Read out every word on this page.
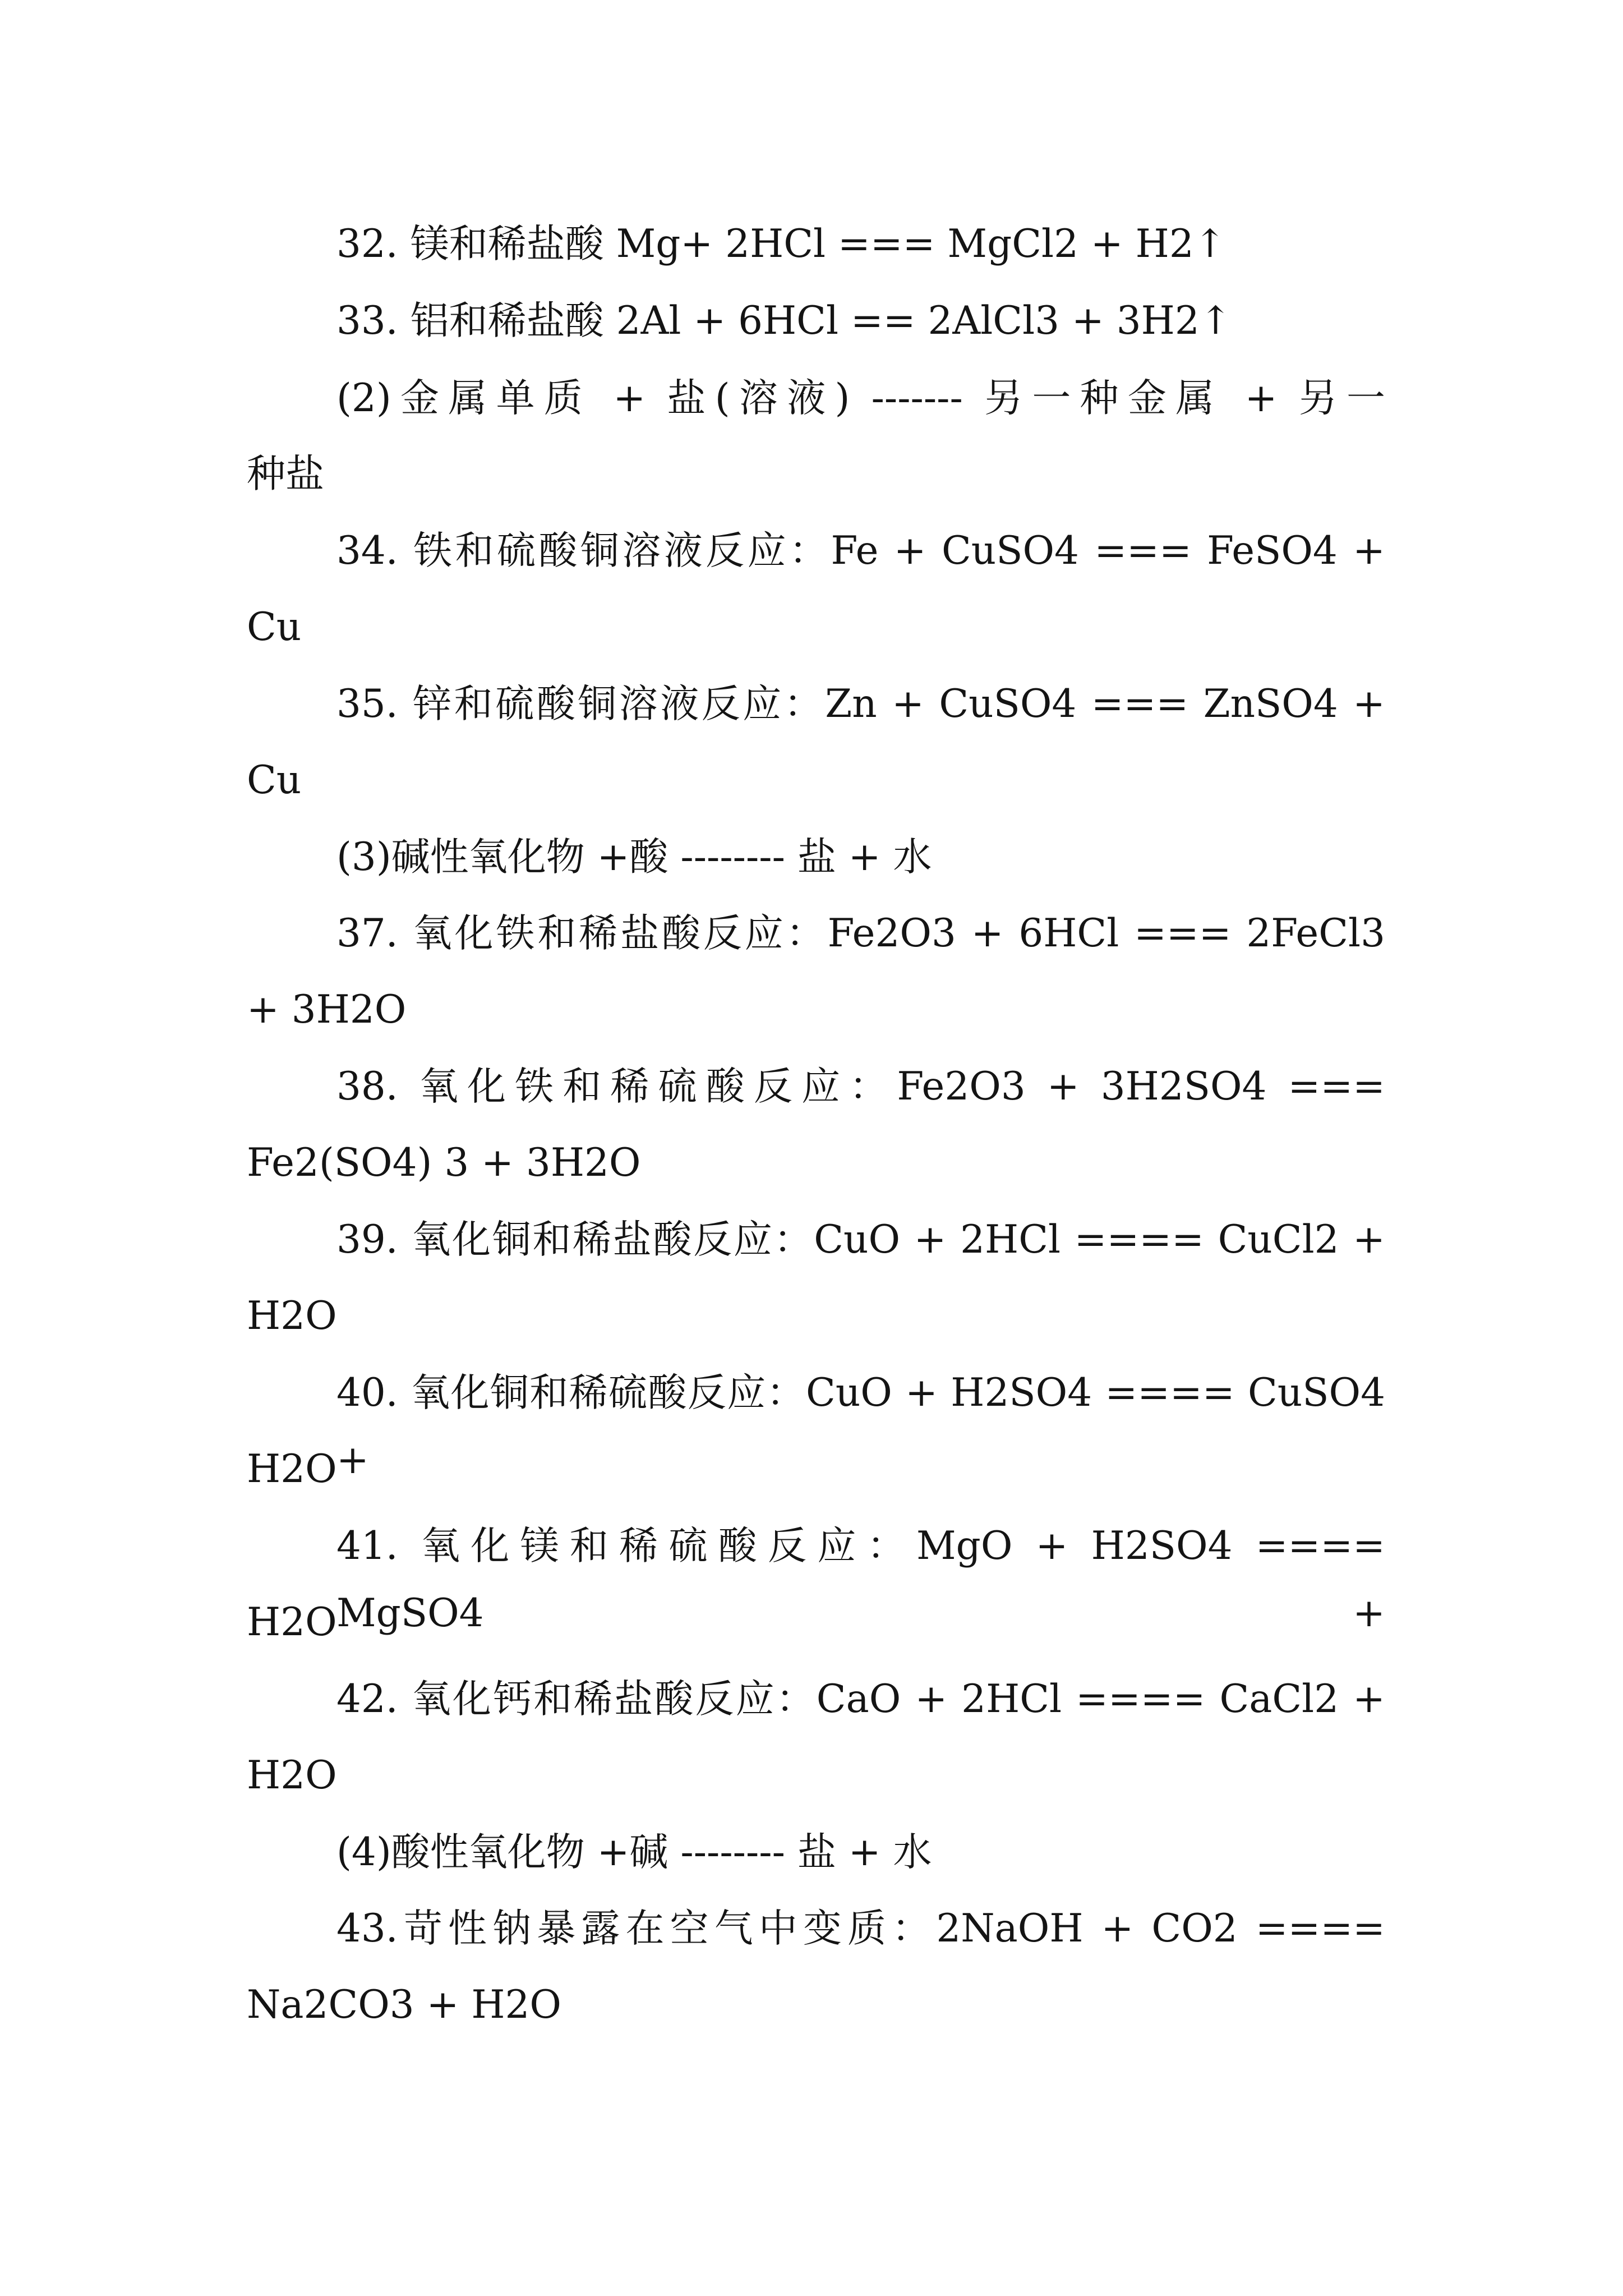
32. 镁和稀盐酸 Mg+ 2HCl === MgCl2 + H2↑
33. 铝和稀盐酸 2Al + 6HCl == 2AlCl3 + 3H2↑
(2)金属单质 + 盐(溶液) ------- 另一种金属 + 另一
种盐
34. 铁和硫酸铜溶液反应：Fe + CuSO4 === FeSO4 +
Cu
35. 锌和硫酸铜溶液反应：Zn + CuSO4 === ZnSO4 +
Cu
(3)碱性氧化物 +酸 -------- 盐 + 水
37. 氧化铁和稀盐酸反应：Fe2O3 + 6HCl === 2FeCl3
+ 3H2O
38. 氧化铁和稀硫酸反应：Fe2O3 + 3H2SO4 ===
Fe2(SO4) 3 + 3H2O
39. 氧化铜和稀盐酸反应：CuO + 2HCl ==== CuCl2 +
H2O
40. 氧化铜和稀硫酸反应：CuO + H2SO4 ==== CuSO4 +
H2O
41. 氧化镁和稀硫酸反应：MgO + H2SO4 ==== MgSO4 +
H2O
42. 氧化钙和稀盐酸反应：CaO + 2HCl ==== CaCl2 +
H2O
(4)酸性氧化物 +碱 -------- 盐 + 水
43.苛性钠暴露在空气中变质：2NaOH + CO2 ====
Na2CO3 + H2O
